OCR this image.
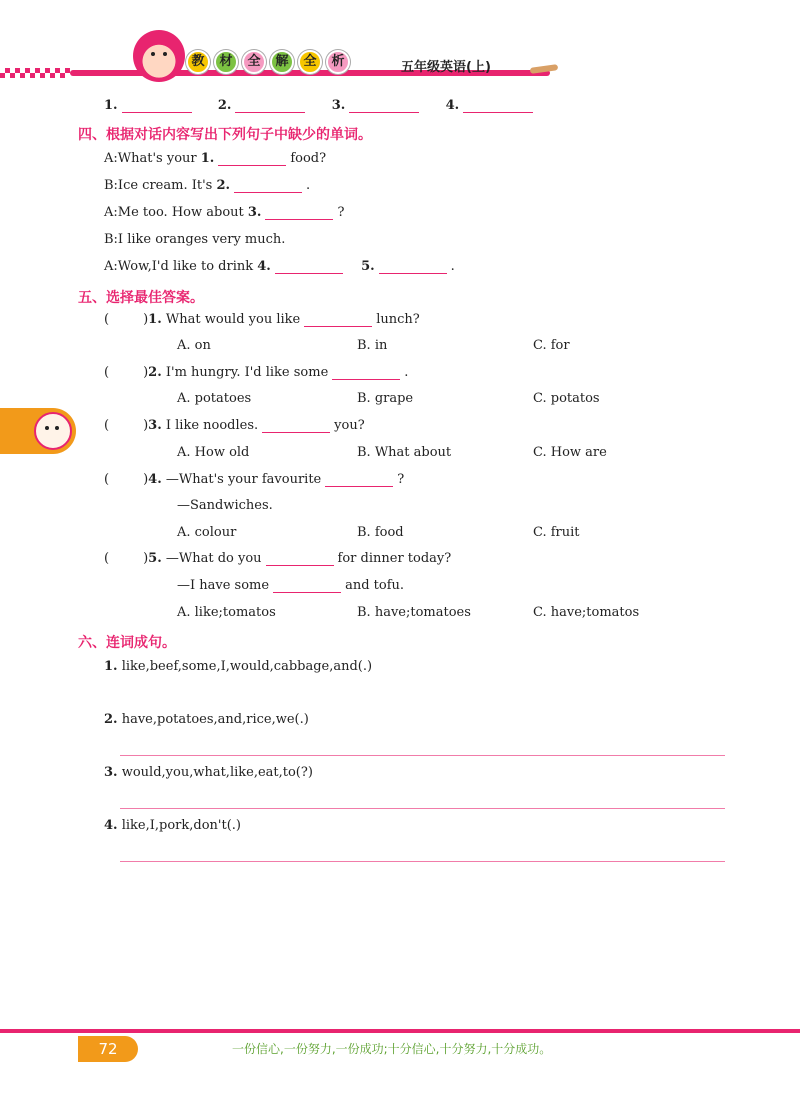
教	材	全	解	全	析	五年级英语(上)
1.	2.	3.	4.
四、根据对话内容写出下列句子中缺少的单词。
A:What's your 1.	food?
B:Ice cream. It's 2.	.
A:Me too. How about 3.	?
B:I like oranges very much.
A:Wow,I'd like to drink 4.	5.	.
五、选择最佳答案。
(	)1. What would you like	lunch?
A. on	B. in	C. for
(	)2. I'm hungry. I'd like some	.
A. potatoes	B. grape	C. potatos
(	)3. I like noodles.	you?
A. How old	B. What about	C. How are
(	)4. —What's your favourite	?
—Sandwiches.
A. colour	B. food	C. fruit
(	)5. —What do you	for dinner today?
—I have some	and tofu.
A. like;tomatos	B. have;tomatoes	C. have;tomatos
六、连词成句。
1. like,beef,some,I,would,cabbage,and(.)
2. have,potatoes,and,rice,we(.)
3. would,you,what,like,eat,to(?)
4. like,I,pork,don't(.)
72	一份信心,一份努力,一份成功;十分信心,十分努力,十分成功。
